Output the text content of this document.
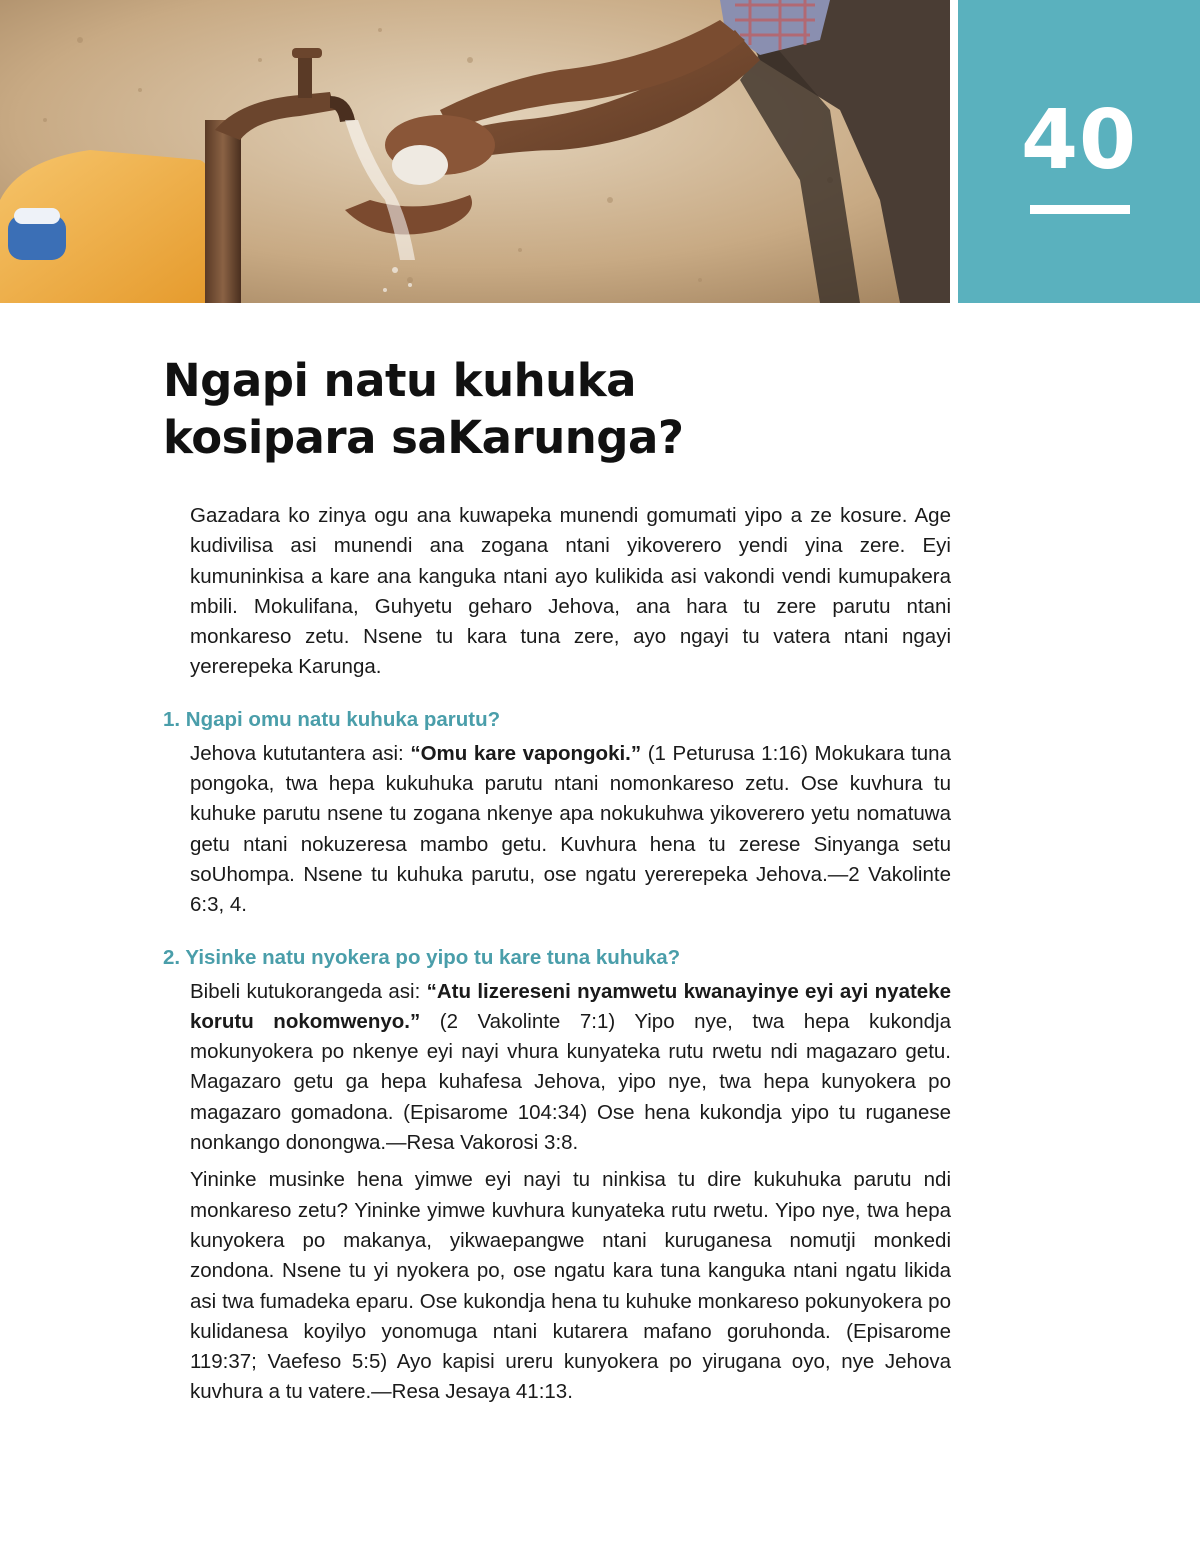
40
Ngapi natu kuhuka
kosipara saKarunga?

Gazadara ko zinya ogu ana kuwapeka munendi gomumati yipo a ze kosure. Age kudivilisa asi munendi ana zogana ntani yikoverero yendi yina zere. Eyi kumuninkisa a kare ana kanguka ntani ayo kulikida asi vakondi vendi kumupakera mbili. Mokulifana, Guhyetu geharo Jehova, ana hara tu zere parutu ntani monkareso zetu. Nsene tu kara tuna zere, ayo ngayi tu vatera ntani ngayi yererepeka Karunga.

1. Ngapi omu natu kuhuka parutu?

Jehova kututantera asi: “Omu kare vapongoki.” (1 Peturusa 1:16) Mokukara tuna pongoka, twa hepa kukuhuka parutu ntani nomonkareso zetu. Ose kuvhura tu kuhuke parutu nsene tu zogana nkenye apa nokukuhwa yikoverero yetu nomatuwa getu ntani nokuzeresa mambo getu. Kuvhura hena tu zerese Sinyanga setu soUhompa. Nsene tu kuhuka parutu, ose ngatu yererepeka Jehova.—2 Vakolinte 6:3, 4.

2. Yisinke natu nyokera po yipo tu kare tuna kuhuka?

Bibeli kutukorangeda asi: “Atu lizereseni nyamwetu kwanayinye eyi ayi nyateke korutu nokomwenyo.” (2 Vakolinte 7:1) Yipo nye, twa hepa kukondja mokunyokera po nkenye eyi nayi vhura kunyateka rutu rwetu ndi magazaro getu. Magazaro getu ga hepa kuhafesa Jehova, yipo nye, twa hepa kunyokera po magazaro gomadona. (Episarome 104:34) Ose hena kukondja yipo tu ruganese nonkango donongwa.—Resa Vakorosi 3:8.

Yininke musinke hena yimwe eyi nayi tu ninkisa tu dire kukuhuka parutu ndi monkareso zetu? Yininke yimwe kuvhura kunyateka rutu rwetu. Yipo nye, twa hepa kunyokera po makanya, yikwaepangwe ntani kuruganesa nomutji monkedi zondona. Nsene tu yi nyokera po, ose ngatu kara tuna kanguka ntani ngatu likida asi twa fumadeka eparu. Ose kukondja hena tu kuhuke monkareso pokunyokera po kulidanesa koyilyo yonomuga ntani kutarera mafano goruhonda. (Episarome 119:37; Vaefeso 5:5) Ayo kapisi ureru kunyokera po yirugana oyo, nye Jehova kuvhura a tu vatere.—Resa Jesaya 41:13.
